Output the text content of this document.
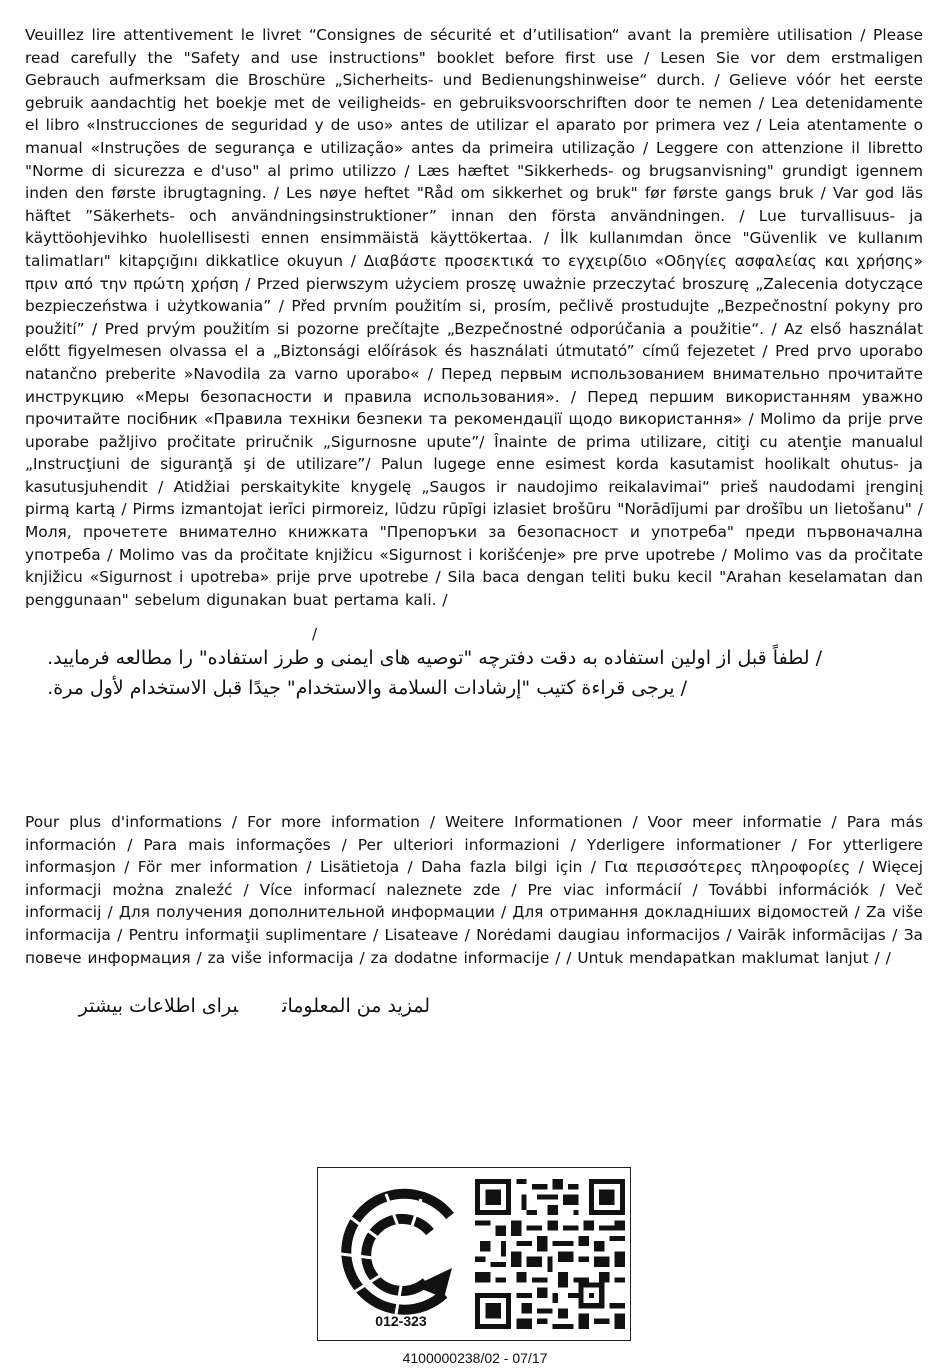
Veuillez lire attentivement le livret “Consignes de sécurité et d’utilisation“ avant la première utilisation / Please read carefully the "Safety and use instructions" booklet before first use / Lesen Sie vor dem erstmaligen Gebrauch aufmerksam die Broschüre „Sicherheits- und Bedienungshinweise“ durch. / Gelieve vóór het eerste gebruik aandachtig het boekje met de veiligheids- en gebruiksvoorschriften door te nemen / Lea detenidamente el libro «Instrucciones de seguridad y de uso» antes de utilizar el aparato por primera vez / Leia atentamente o manual «Instruções de segurança e utilização» antes da primeira utilização / Leggere con attenzione il libretto "Norme di sicurezza e d'uso" al primo utilizzo / Læs hæftet "Sikkerheds- og brugsanvisning" grundigt igennem inden den første ibrugtagning. / Les nøye heftet "Råd om sikkerhet og bruk" før første gangs bruk / Var god läs häftet ”Säkerhets- och användningsinstruktioner” innan den första användningen. / Lue turvallisuus- ja käyttöohjevihko huolellisesti ennen ensimmäistä käyttökertaa. / İlk kullanımdan önce "Güvenlik ve kullanım talimatları" kitapçığını dikkatlice okuyun / Διαβάστε προσεκτικά το εγχειρίδιο «Οδηγίες ασφαλείας και χρήσης» πριν από την πρώτη χρήση / Przed pierwszym użyciem proszę uważnie przeczytać broszurę „Zalecenia dotyczące bezpieczeństwa i użytkowania” / Před prvním použitím si, prosím, pečlivě prostudujte „Bezpečnostní pokyny pro použití” / Pred prvým použitím si pozorne prečítajte „Bezpečnostné odporúčania a použitie“. / Az első használat előtt figyelmesen olvassa el a „Biztonsági előírások és használati útmutató” című fejezetet / Pred prvo uporabo natančno preberite »Navodila za varno uporabo« / Перед первым использованием внимательно прочитайте инструкцию «Меры безопасности и правила использования». / Перед першим використанням уважно прочитайте посібник «Правила техніки безпеки та рекомендації щодо використання» / Molimo da prije prve uporabe pažljivo pročitate priručnik „Sigurnosne upute”/ Înainte de prima utilizare, citiţi cu atenţie manualul „Instrucţiuni de siguranţă şi de utilizare”/ Palun lugege enne esimest korda kasutamist hoolikalt ohutus- ja kasutusjuhendit / Atidžiai perskaitykite knygelę „Saugos ir naudojimo reikalavimai“ prieš naudodami įrenginį pirmą kartą / Pirms izmantojat ierīci pirmoreiz, lūdzu rūpīgi izlasiet brošūru "Norādījumi par drošību un lietošanu" / Моля, прочетете внимателно книжката "Препоръки за безопасност и употреба" преди първоначална употреба / Molimo vas da pročitate knjižicu «Sigurnost i korišćenje» pre prve upotrebe / Molimo vas da pročitate knjižicu «Sigurnost i upotreba» prije prve upotrebe / Sila baca dengan teliti buku kecil "Arahan keselamatan dan penggunaan" sebelum digunakan buat pertama kali. /
/
/ لطفاً قبل از اولین استفاده به دقت دفترچه "توصیه های ایمنی و طرز استفاده" را مطالعه فرمایید.
/ يرجى قراءة كتيب "إرشادات السلامة والاستخدام" جيدًا قبل الاستخدام لأول مرة.
Pour plus d'informations / For more information / Weitere Informationen / Voor meer informatie / Para más información / Para mais informações / Per ulteriori informazioni / Yderligere informationer / For ytterligere informasjon / För mer information / Lisätietoja / Daha fazla bilgi için / Για περισσότερες πληροφορίες / Więcej informacji można znaleźć / Více informací naleznete zde / Pre viac informácií / További információk / Več informacij / Для получения дополнительной информации / Для отримання докладніших відомостей / Za više informacija / Pentru informaţii suplimentare / Lisateave / Norėdami daugiau informacijos / Vairāk informācijas / За повече информация / za više informacija / za dodatne informacije / / Untuk mendapatkan maklumat lanjut / /
لمزيد من المعلوماتبرای اطلاعات بیشتر
012-323
4100000238/02 - 07/17
